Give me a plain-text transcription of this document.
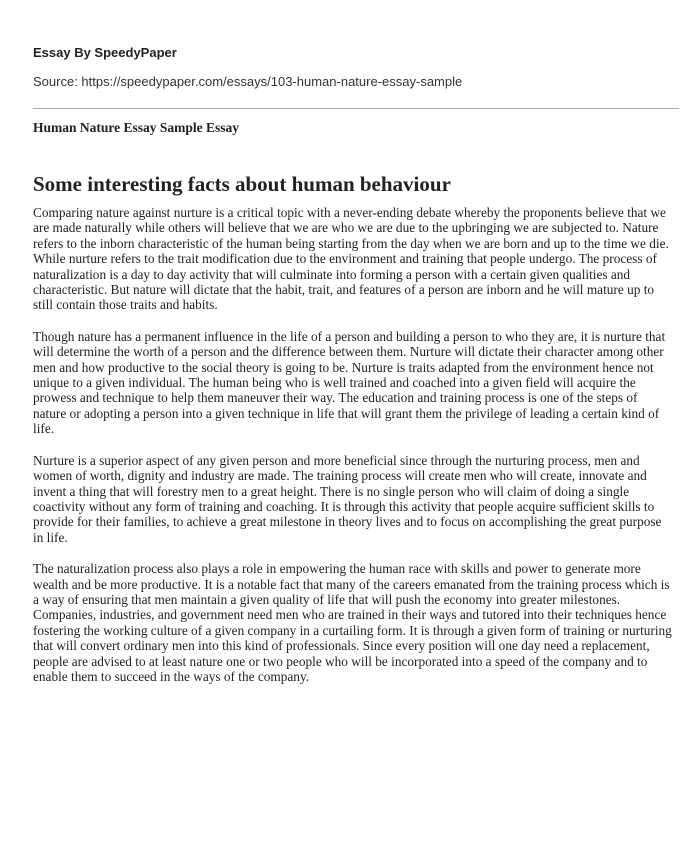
Essay By SpeedyPaper
Source: https://speedypaper.com/essays/103-human-nature-essay-sample
Human Nature Essay Sample Essay
Some interesting facts about human behaviour

Comparing nature against nurture is a critical topic with a never-ending debate whereby the proponents believe that we are made naturally while others will believe that we are who we are due to the upbringing we are subjected to. Nature refers to the inborn characteristic of the human being starting from the day when we are born and up to the time we die. While nurture refers to the trait modification due to the environment and training that people undergo. The process of naturalization is a day to day activity that will culminate into forming a person with a certain given qualities and characteristic. But nature will dictate that the habit, trait, and features of a person are inborn and he will mature up to still contain those traits and habits.

Though nature has a permanent influence in the life of a person and building a person to who they are, it is nurture that will determine the worth of a person and the difference between them. Nurture will dictate their character among other men and how productive to the social theory is going to be. Nurture is traits adapted from the environment hence not unique to a given individual. The human being who is well trained and coached into a given field will acquire the prowess and technique to help them maneuver their way. The education and training process is one of the steps of nature or adopting a person into a given technique in life that will grant them the privilege of leading a certain kind of life.

Nurture is a superior aspect of any given person and more beneficial since through the nurturing process, men and women of worth, dignity and industry are made. The training process will create men who will create, innovate and invent a thing that will forestry men to a great height. There is no single person who will claim of doing a single coactivity without any form of training and coaching. It is through this activity that people acquire sufficient skills to provide for their families, to achieve a great milestone in theory lives and to focus on accomplishing the great purpose in life.

The naturalization process also plays a role in empowering the human race with skills and power to generate more wealth and be more productive. It is a notable fact that many of the careers emanated from the training process which is a way of ensuring that men maintain a given quality of life that will push the economy into greater milestones. Companies, industries, and government need men who are trained in their ways and tutored into their techniques hence fostering the working culture of a given company in a curtailing form. It is through a given form of training or nurturing that will convert ordinary men into this kind of professionals. Since every position will one day need a replacement, people are advised to at least nature one or two people who will be incorporated into a speed of the company and to enable them to succeed in the ways of the company.
